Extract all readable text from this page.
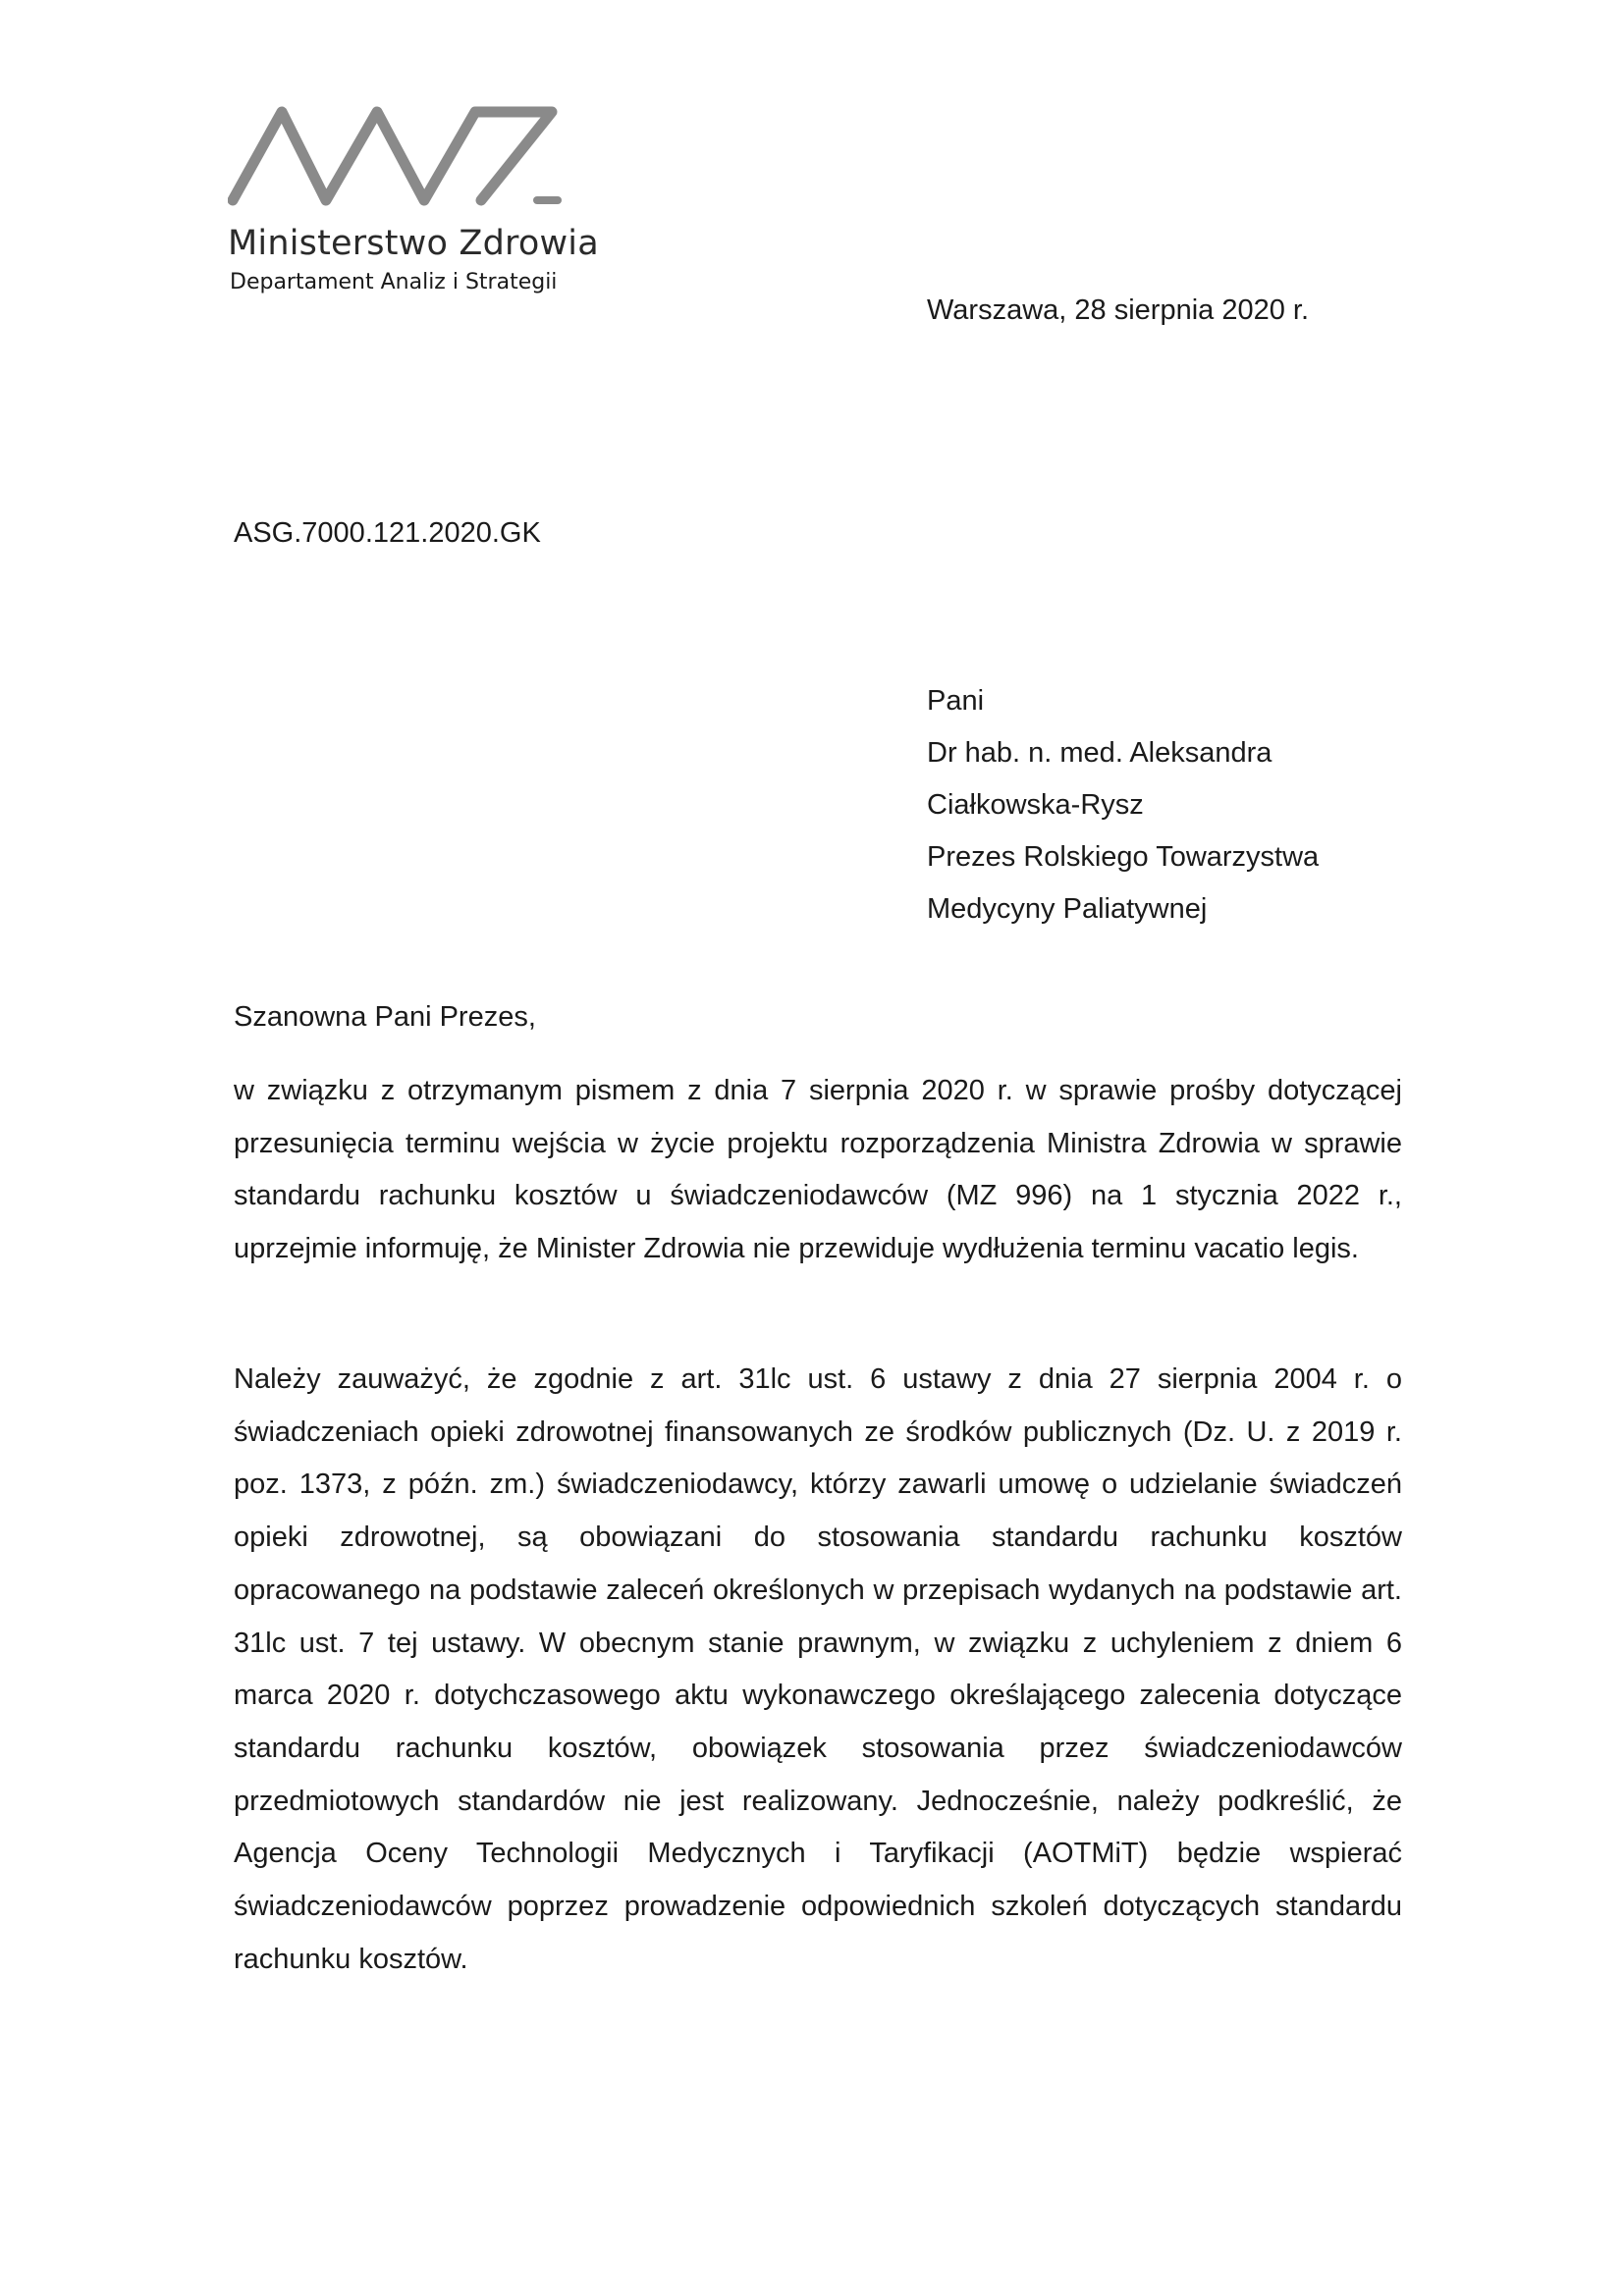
Ministerstwo Zdrowia
Departament Analiz i Strategii
Warszawa, 28 sierpnia 2020 r.
ASG.7000.121.2020.GK
Pani
Dr hab. n. med. Aleksandra
Ciałkowska-Rysz
Prezes Rolskiego Towarzystwa
Medycyny Paliatywnej
Szanowna Pani Prezes,

w związku z otrzymanym pismem z dnia 7 sierpnia 2020 r. w sprawie prośby dotyczącej przesunięcia terminu wejścia w życie projektu rozporządzenia Ministra Zdrowia w sprawie standardu rachunku kosztów u świadczeniodawców (MZ 996) na 1 stycznia 2022 r., uprzejmie informuję, że Minister Zdrowia nie przewiduje wydłużenia terminu vacatio legis.

Należy zauważyć, że zgodnie z art. 31lc ust. 6 ustawy z dnia 27 sierpnia 2004 r. o świadczeniach opieki zdrowotnej finansowanych ze środków publicznych (Dz. U. z 2019 r. poz. 1373, z późn. zm.) świadczeniodawcy, którzy zawarli umowę o udzielanie świadczeń opieki zdrowotnej, są obowiązani do stosowania standardu rachunku kosztów opracowanego na podstawie zaleceń określonych w przepisach wydanych na podstawie art. 31lc ust. 7 tej ustawy. W obecnym stanie prawnym, w związku z uchyleniem z dniem 6 marca 2020 r. dotychczasowego aktu wykonawczego określającego zalecenia dotyczące standardu rachunku kosztów, obowiązek stosowania przez świadczeniodawców przedmiotowych standardów nie jest realizowany. Jednocześnie, należy podkreślić, że Agencja Oceny Technologii Medycznych i Taryfikacji (AOTMiT) będzie wspierać świadczeniodawców poprzez prowadzenie odpowiednich szkoleń dotyczących standardu rachunku kosztów.
